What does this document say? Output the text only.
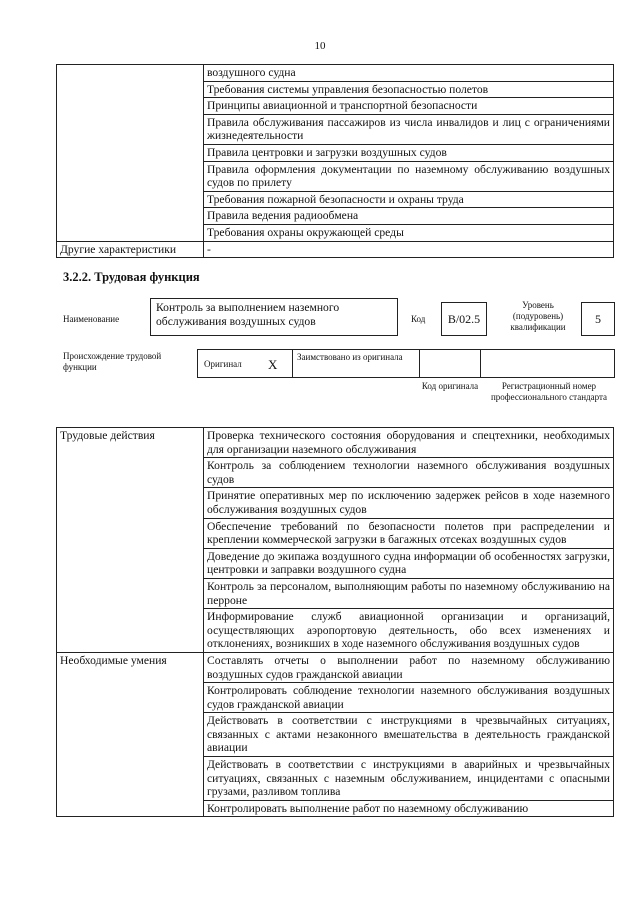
10
	воздушного судна
	Требования системы управления безопасностью полетов
	Принципы авиационной и транспортной безопасности
	Правила обслуживания пассажиров из числа инвалидов и лиц с ограничениями жизнедеятельности
	Правила центровки и загрузки воздушных судов
	Правила оформления документации по наземному обслуживанию воздушных судов по прилету
	Требования пожарной безопасности и охраны труда
	Правила ведения радиообмена
	Требования охраны окружающей среды
Другие характеристики	-
3.2.2. Трудовая функция
Наименование
Контроль за выполнением наземного обслуживания воздушных судов	Код	В/02.5
Уровень (подуровень) квалификации
5
Происхождение трудовой функции	Оригинал Х Заимствовано из оригинала
Код оригинала	Регистрационный номер профессионального стандарта
Трудовые действия	Проверка технического состояния оборудования и спецтехники, необходимых для организации наземного обслуживания
	Контроль за соблюдением технологии наземного обслуживания воздушных судов
	Принятие оперативных мер по исключению задержек рейсов в ходе наземного обслуживания воздушных судов
	Обеспечение требований по безопасности полетов при распределении и креплении коммерческой загрузки в багажных отсеках воздушных судов
	Доведение до экипажа воздушного судна информации об особенностях загрузки, центровки и заправки воздушного судна
	Контроль за персоналом, выполняющим работы по наземному обслуживанию на перроне
	Информирование служб авиационной организации и организаций, осуществляющих аэропортовую деятельность, обо всех изменениях и отклонениях, возникших в ходе наземного обслуживания воздушных судов
Необходимые умения	Составлять отчеты о выполнении работ по наземному обслуживанию воздушных судов гражданской авиации
	Контролировать соблюдение технологии наземного обслуживания воздушных судов гражданской авиации
	Действовать в соответствии с инструкциями в чрезвычайных ситуациях, связанных с актами незаконного вмешательства в деятельность гражданской авиации
	Действовать в соответствии с инструкциями в аварийных и чрезвычайных ситуациях, связанных с наземным обслуживанием, инцидентами с опасными грузами, разливом топлива
	Контролировать выполнение работ по наземному обслуживанию
